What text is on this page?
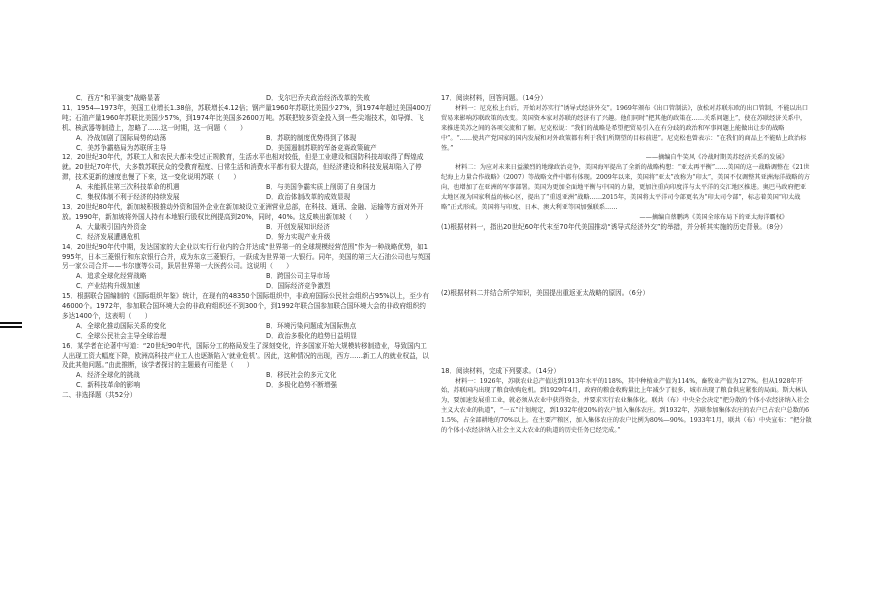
C．西方“和平演变”战略显著	D．戈尔巴乔夫政治经济改革的失败

11．1954—1973年，美国工业增长1.38倍，苏联增长4.12倍；钢产量1960年苏联比美国少27%，到1974年超过美国400万吨；石油产量1960年苏联比美国少57%，到1974年比美国多2600万吨。苏联把较多资金投入到一些尖端技术，如导弹、飞机、核武器等制造上，忽略了……这一时期，这一问题（　　）

A．冷战加剧了国际局势的动荡	B．苏联的制度优势得到了体现
C．美苏争霸格局为苏联所主导	D．美国遏制苏联的军备竞赛政策破产

12．20世纪30年代，苏联工人和农民大都未受过正规教育，生活水平也相对较低，但是工业建设和国防科技却取得了辉煌成就。20世纪70年代，大多数苏联民众的受教育程度、日常生活和消费水平都有很大提高，但经济建设和科技发展却陷入了停滞，技术更新的速度也慢了下来，这一变化说明苏联（　　）

A．未能抓住第三次科技革命的机遇	B．与美国争霸实质上削弱了自身国力
C．集权体制不利于经济的持续发展	D．政治体制改革的成效显现

13．20世纪80年代，新加坡积极推动外资和国外企业在新加坡设立亚洲营业总部，在科技、通讯、金融、运输等方面对外开放。1990年，新加坡将外国人持有本地银行股权比例提高到20%，同时，40%。这反映出新加坡（　　）

A．大量吸引国内外资金	B．开创发展知识经济
C．经济发展遭遇危机	D．努力实现产业升级

14．20世纪90年代中期，发达国家的大企业以实行行业内的合并达成“世界第一的全球规模经营范围”作为一种战略优势，如1995年，日本三菱银行和东京银行合并，成为东京三菱银行，一跃成为世界第一大银行。同年，美国的第三大石油公司也与英国另一家公司合并——韦尔康等公司，跃居世界第一大医药公司。这说明（　　）

A．追求全球化经营战略	B．跨国公司主导市场
C．产业结构升级加速	D．国际经济竞争激烈

15．根据联合国编制的《国际组织年鉴》统计，在现有的48350个国际组织中，非政府国际公民社会组织占95%以上，至少有46000个。1972年，参加联合国环境大会的非政府组织还不到300个，到1992年联合国参加联合国环境大会的非政府组织约多达1400个，这表明（　　）

A．全球化推动国际关系的变化	B．环境污染问题成为国际焦点
C．全球公民社会主导全球治理	D．政治多极化的趋势日益明显

16．某学者在论著中写道：“20世纪90年代，国际分工的格局发生了深刻变化，许多国家开始大规模转移制造业，导致国内工人出现工资大幅度下降，欧洲高科技产业工人也逐渐陷入‘就业危机’。因此，这种情况的出现，西方……新工人的就业权益，以及此其他问题。”由此推断，该学者探讨的主题最有可能是（　　）

A．经济全球化的挑战	B．移民社会的多元文化
C．新科技革命的影响	D．多极化趋势不断增强

二、非选择题（共52分）

17．阅读材料，回答问题。（14分）

材料一：尼克松上台后，开始对苏实行“诱导式经济外交”。1969年颁布《出口管制法》，放松对苏联东欧的出口管制，不能以出口贸易来影响苏联政策的改变。美国资本家对苏联的经济有了兴趣。他们同时“把其他的政策在……关系问题上”，使在苏联经济关系中，来推进美苏之间的各项交流和了解。尼克松说：“我们的战略是希望把贸易引入在有分歧的政治和军事问题上能做出让步的战略中”。“……使共产党国家的国内发展和对外政策都有利于我们所期望的目标前进”。尼克松也曾表示：“在我们的商品上不能贴上政治标签。”

——摘编自牛笑风《冷战时期美苏经济关系的发展》

材料二：为应对未来日益激烈的地缘政治竞争，美国海军提出了全新的战略构想：“亚太再平衡”……美国的这一战略调整在《21世纪海上力量合作战略》（2007）等战略文件中都有体现。2009年以来，美国将“亚太”改称为“印太”，美国不仅调整其亚洲海洋战略的方向，也增加了在亚洲的军事部署。美国为更加全面地平衡与中国的力量，更加注重向印度洋与太平洋的交汇地区推进。奥巴马政府把亚太地区视为国家利益的核心区，提出了“重返亚洲”战略……2015年，美国将太平洋司令部更名为“印太司令部”，标志着美国“印太战略”正式形成。美国将与印度、日本、澳大利亚等国加强联系……

——摘编自蔡鹏鸿《美国全球布局下的亚太海洋霸权》

(1)根据材料一，指出20世纪60年代末至70年代美国推动“诱导式经济外交”的举措，并分析其实施的历史背景。（8分）

(2)根据材料二并结合所学知识，美国提出重返亚太战略的原因。（6分）

18．阅读材料，完成下列要求。（14分）

材料一：1926年，苏联农业总产值达到1913年水平的118%，其中种植业产值为114%，畜牧业产值为127%。但从1928年开始，苏联国内出现了粮食收购危机。到1929年4月，政府的粮食收购量比上年减少了很多，城市出现了粮食供应紧张的局面。斯大林认为，要加速发展重工业，就必须从农业中获得资金，并要求实行农业集体化。联共（布）中央全会决定“把分散的个体小农经济纳入社会主义大农业的轨道”，“一五”计划规定，到1932年使20%的农户加入集体农庄。到1932年，苏联参加集体农庄的农户已占农户总数的61.5%，占全部耕地的70%以上。在主要产粮区，加入集体农庄的农户比例为80%—90%。1933年1月，联共（布）中央宣布：“把分散的个体小农经济纳入社会主义大农业的轨道的历史任务已经完成。”
